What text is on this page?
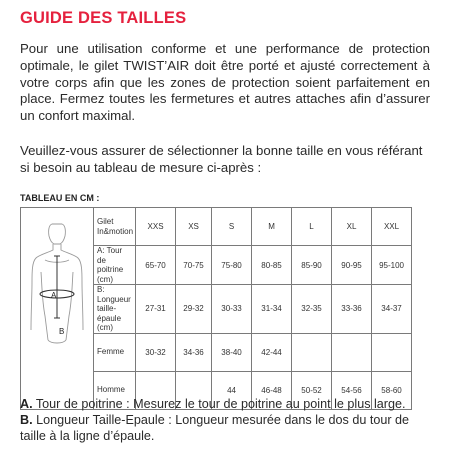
GUIDE DES TAILLES

Pour une utilisation conforme et une performance de protection optimale, le gilet TWIST’AIR doit être porté et ajusté correctement à votre corps afin que les zones de protection soient parfaitement en place. Fermez toutes les fermetures et autres attaches afin d’assurer un confort maximal.

Veuillez-vous assurer de sélectionner la bonne taille en vous référant si besoin au tableau de mesure ci-après :

TABLEAU EN CM :
A
B	Gilet In&motion	XXS	XS	S	M	L	XL	XXL
	A: Tour de poitrine (cm)	65-70	70-75	75-80	80-85	85-90	90-95	95-100
	B: Longueur taille-épaule (cm)	27-31	29-32	30-33	31-34	32-35	33-36	34-37
	Femme	30-32	34-36	38-40	42-44			
	Homme			44	46-48	50-52	54-56	58-60

A. Tour de poitrine : Mesurez le tour de poitrine au point le plus large.

B. Longueur Taille-Epaule : Longueur mesurée dans le dos du tour de taille à la ligne d’épaule.
